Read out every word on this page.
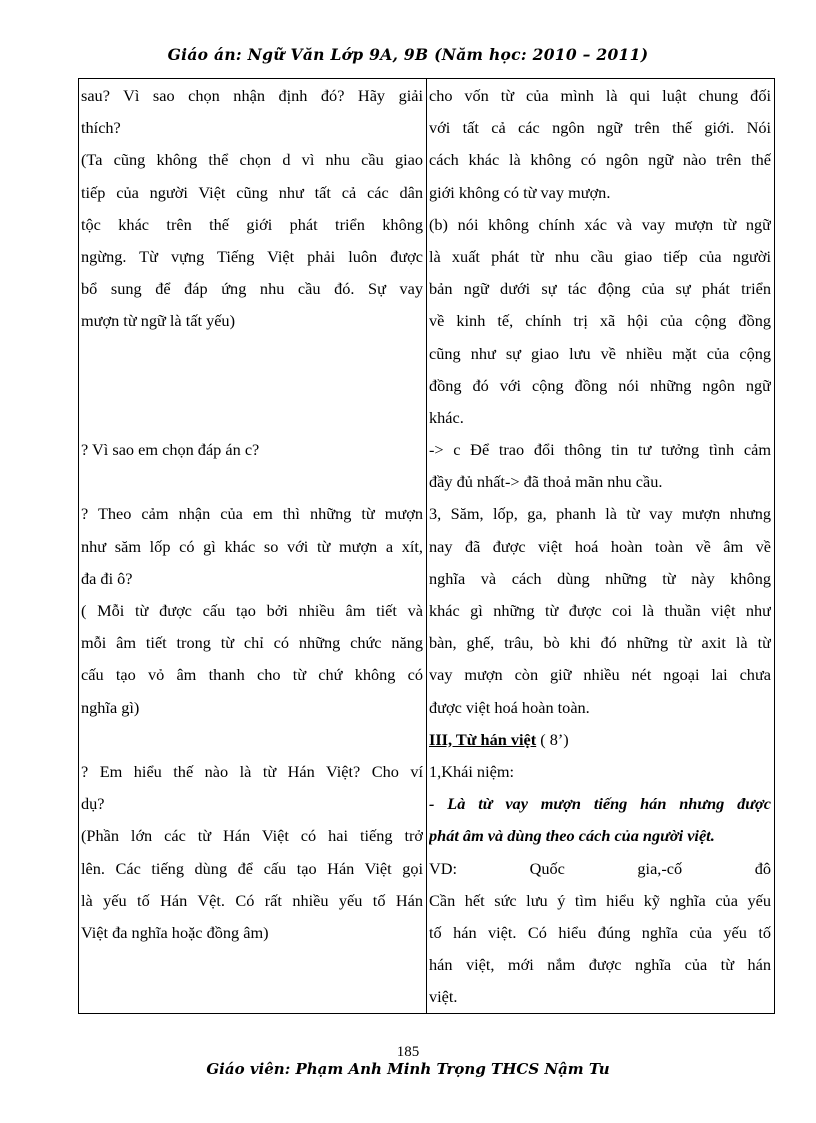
Giáo án: Ngữ Văn Lớp 9A, 9B (Năm học: 2010 – 2011)
sau? Vì sao chọn nhận định đó? Hãy giải
thích?
(Ta cũng không thể chọn d vì nhu cầu giao
tiếp của người Việt cũng như tất cả các dân
tộc khác trên thế giới phát triển không
ngừng. Từ vựng Tiếng Việt phải luôn được
bổ sung để đáp ứng nhu cầu đó. Sự vay
mượn từ ngữ là tất yếu)
? Vì sao em chọn đáp án c?
? Theo cảm nhận của em thì những từ mượn
như săm lốp có gì khác so với từ mượn a xít,
đa đi ô?
( Mỗi từ được cấu tạo bởi nhiều âm tiết và
mỗi âm tiết trong từ chỉ có những chức năng
cấu tạo vỏ âm thanh cho từ chứ không có
nghĩa gì)
? Em hiểu thế nào là từ Hán Việt? Cho ví
dụ?
(Phần lớn các từ Hán Việt có hai tiếng trở
lên. Các tiếng dùng để cấu tạo Hán Việt gọi
là yếu tố Hán Vệt. Có rất nhiều yếu tố Hán
Việt đa nghĩa hoặc đồng âm)
cho vốn từ của mình là qui luật chung đối
với tất cả các ngôn ngữ trên thế giới. Nói
cách khác là không có ngôn ngữ nào trên thế
giới không có từ vay mượn.
(b) nói không chính xác và vay mượn từ ngữ
là xuất phát từ nhu cầu giao tiếp của người
bản ngữ dưới sự tác động của sự phát triển
về kinh tế, chính trị xã hội của cộng đồng
cũng như sự giao lưu về nhiều mặt của cộng
đồng đó với cộng đồng nói những ngôn ngữ
khác.
-> c Để trao đổi thông tin tư tưởng tình cảm
đầy đủ nhất-> đã thoả mãn nhu cầu.
3, Săm, lốp, ga, phanh là từ vay mượn nhưng
nay đã được việt hoá hoàn toàn về âm về
nghĩa và cách dùng những từ này không
khác gì những từ được coi là thuần việt như
bàn, ghế, trâu, bò khi đó những từ axit là từ
vay mượn còn giữ nhiều nét ngoại lai chưa
được việt hoá hoàn toàn.
III, Từ hán việt ( 8’)
1,Khái niệm:
- Là từ vay mượn tiếng hán nhưng được
phát âm và dùng theo cách của người việt.
VD: Quốc gia,-cố đô
Cần hết sức lưu ý tìm hiểu kỹ nghĩa của yếu
tố hán việt. Có hiểu đúng nghĩa của yếu tố
hán việt, mới nắm được nghĩa của từ hán
việt.
185
Giáo viên: Phạm Anh Minh Trọng THCS Nậm Tu
